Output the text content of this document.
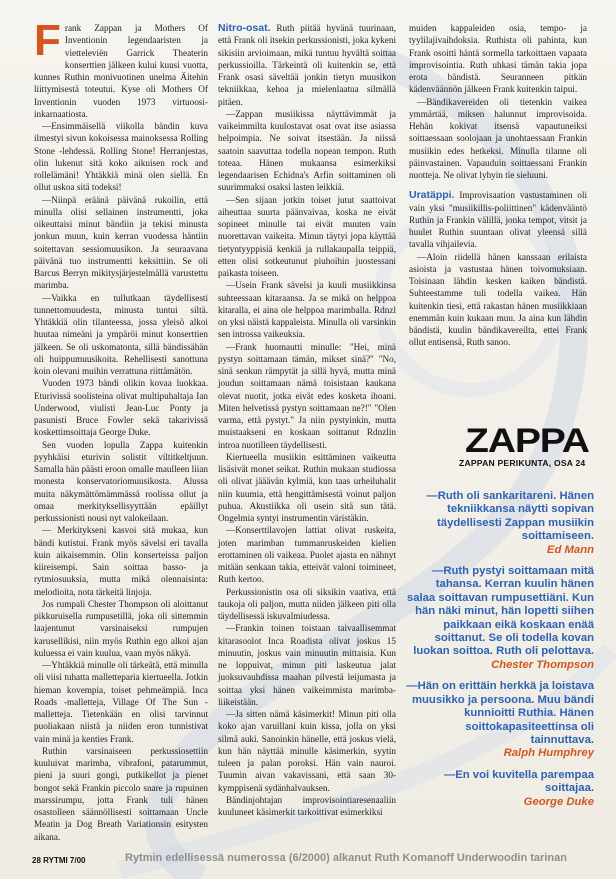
Frank Zappan ja Mothers Of Inventionin legendaaristen ja vietteleviën Garrick Theaterin konserttien jälkeen kului kuusi vuotta, kunnes Ruthin monivuotinen unelma Äitehin liittymisestä toteutui. Kyse oli Mothers Of Inventionin vuoden 1973 virtuoosi-inkarnaatiosta.

—Ensimmäisellä viikolla bändin kuva ilmestyi sivun kokoisessa mainoksessa Rolling Stone -lehdessä. Rolling Stone! Herranjestas, olin lukenut sitä koko aikuisen rock and rollelämäni! Yhtäkkiä minä olen siellä. En ollut uskoa sitä todeksi!

—Niinpä eräänä päivänä rukoilin, että minulla olisi sellainen instrumentti, joka oikeuttaisi minut bändiin ja tekisi minusta jonkun muun, kuin kerran vuodessa häntiin soitettavan sessiomuusikon. Ja seuraavana päivänä tuo instrumentti keksittiin. Se oli Barcus Berryn mikitysjärjestelmällä varustettu marimba.

—Vaikka en tullutkaan täydellisesti tunnettomuudesta, minusta tuntui siltä. Yhtäkkiä olin tilanteessa, jossa yleisö alkoi huutaa nimeäni ja ympäröi minut konserttien jälkeen. Se oli uskomatonta, sillä bändissähän oli huippumuusikoita. Rehellisesti sanottuna koin olevani muihin verrattuna riittämätön.

Vuoden 1973 bändi olikin kovaa luokkaa. Eturivissä soolisteina olivat multipuhaltaja Ian Underwood, viulisti Jean-Luc Ponty ja pasunisti Bruce Fowler sekä takarivissä koskettimsoittaja George Duke.

Sen vuoden lopulla Zappa kuitenkin pyyhkäisi eturivin solistit viltitkeltjuun. Samalla hän päästi eroon omalle maulleen liian monesta konservatoriomuusikosta. Alussa muita näkymättömämmässä roolissa ollut ja omaa merkityksellisyyttään epäillyt perkussionisti nousi nyt valokeilaan.

— Merkitykseni kasvoi sitä mukaa, kun bändi kutistui. Frank myös sävelsi eri tavalla kuin aikaisemmin. Olin konserteissa paljon kiireisempi. Sain soittaa basso- ja rytmiosuuksia, mutta mikä olennaisinta: melodioita, nota tärkeitä linjoja.

Jos rumpali Chester Thompson oli aloittanut pikkuruisella rumpusetillä, joka oli sittemmin laajentunut varsinaiseksi rumpujen karusellikisi, niin myös Ruthin ego alkoi ajan kuluessa ei vain kuulua, vaan myös näkyä.

—Yhtäkkiä minulle oli tärkeätä, että minulla oli viisi tuhatta malletteparia kiertueella. Jotkin hieman kovempia, toiset pehmeämpiä. Inca Roads -malletteja, Village Of The Sun -malletteja. Tietenkään en olisi tarvinnut puoliakaan niistä ja niiden eron tunnistivat vain minä ja kenties Frank.

Ruthin varsinaiseen perkussiosettiin kuuluivat marimba, vibrafoni, patarummut, pieni ja suuri gongi, putkikellot ja pienet bongot sekä Frankin piccolo snare ja rupuinen marssirumpu, jotta Frank tuli hänen osastolleen säännöllisesti soittamaan Uncle Meatin ja Dog Breath Variationsin esitysten aikana.

Nitro-osat. Ruth piitää hyvänä tuurinaan, että Frank oli itsekin perkussionisti, joka kykeni sikisiin arvioimaan, mikä tuntuu hyvältä soittaa perkussioilla. Tärkeintä oli kuitenkin se, että Frank osasi säveltää jonkin tietyn muusikon tekniikkaa, kehoa ja mielenlaatua silmällä pitäen.

—Zappan musiikissa näyttävimmät ja vaikeimmilta kuulostavat osat ovat itse asiassa helpoimpia. Ne soivat itsestään. Ja niissä saatoin saavuttaa todella nopean tempon. Ruth toteaa. Hänen mukaansa esimerkiksi legendaarisen Echidna's Arfin soittaminen oli suurimmaksi osaksi lasten leikkiä.

—Sen sijaan jotkin toiset jutut saattoivat aiheuttaa suurta päänvaivaa, koska ne eivät sopineet minulle tai eivät muuten vain nuorettavan vaikeita. Minun täytyi jopa käyttää tietyntyyppisiä kenkiä ja rullakaupalla teippiä, etten olisi sotkeutunut piuhoihin juostessani paikasta toiseen.

—Usein Frank sävelsi ja kuuli musiikkinsa suhteessaan kitaraansa. Ja se mikä on helppoa kitaralla, ei aina ole helppoa marimballa. Rdnzl on yksi näistä kappaleista. Minulla oli varsinkin sen introssa vaikeuksia.

—Frank huomautti minulle: "Hei, minä pystyn soittamaan tämän, mikset sinä?" "No, sinä senkun rämpytät ja sillä hyvä, mutta minä joudun soittamaan nämä toisistaan kaukana olevat nuotit, jotka eivät edes kosketa ihoani. Miten helvetissä pystyn soittamaan ne?!" "Olen varma, että pystyt." Ja niin pystyinkin, mutta muistaakseni en koskaan soittanut Rdnzlin introa nuotilleen täydellisesti.

Kiertueella musiikin esittäminen vaikeutta lisäsivät monet seikat. Ruthin mukaan studiossa oli olivat jääävän kylmiä, kun taas urheiluhalit niin kuumia, että hengittämisestä voinut paljon puhua. Akustiikka oli usein sitä sun tätä. Ongelmia syntyi instrumentin väristäkin.

—Konserttilavojen lattiat olivat ruskeita, joten marimban tummanruskeiden kielien erottaminen oli vaikeaa. Puolet ajasta en nähnyt mitään senkaan takia, etteivät valoni toimineet, Ruth kertoo.

Perkussionistin osa oli siksikin vaativa, että taukoja oli paljon, mutta niiden jälkeen piti olla täydellisessä iskuvalmiudessa.

—Frankin toinen toistaan taivaallisemmat kitarasoolot Inca Roadista olivat joskus 15 minuutin, joskus vain minuutin mittaisia. Kun ne loppuivat, minun piti laskeutua jalat juoksuvauhdissa maahan pilvestä leijumasta ja soittaa yksi hänen vaikeimmista marimba-liikeistään.

—Ja sitten nämä käsimerkit! Minun piti olla koko ajan varuillani kuin kissa, jolla on yksi silmä auki. Sanoinkin hänelle, että joskus vielä, kun hän näyttää minulle käsimerkin, syytin tuleen ja palan poroksi. Hän vain nauroi. Tuumin aivan vakavissani, että saan 30-kymppisenä sydänhalvauksen.

Bändinjohtajan improvisointiaresenaaliin kuuluneet käsimerkit tarkoittivat esimerkiksi

muiden kappaleiden osia, tempo- ja tyylilajivaihdoksia. Ruthista oli pahinta, kun Frank osoitti häntä sormella tarkoittaen vapaata improvisointia. Ruth uhkasi tämän takia jopa erota bändistä. Seuranneen pitkän kädenväännön jälkeen Frank kuitenkin taipui.

—Bändikavereiden oli tietenkin vaikea ymmärtää, miksen halunnut improvisoida. Hehän kokivat itsensä vapautuneiksi soittaessaan soolojaan ja unohtaessaan Frankin musiikin edes hetkeksi. Minulla tilanne oli päinvastainen. Vapauduin soittaessani Frankin nuotteja. Ne olivat lyhyin tie sieluuni.

Uratäppi. Improvisaation vastustaminen oli vain yksi "musiikillis-poliittinen" kädenvääntö Ruthin ja Frankin välillä, jonka tempot, vitsit ja huulet Ruthin suuntaan olivat yleensä sillä tavalla vihjailevia.

—Aloin riidellä hänen kanssaan erilaista asioista ja vastustaa hänen toivomuksiaan. Toisinaan lähdin kesken kaiken bändistä. Suhteestamme tuli todella vaikea. Hän kuitenkin tiesi, että rakastan hänen musiikkiaan enemmän kuin kukaan muu. Ja aina kun lähdin bändistä, kuulin bändikavereilta, ettei Frank ollut entisensä, Ruth sanoo.

ZAPPA
ZAPPAN PERIKUNTA, OSA 24
—Ruth oli sankaritareni. Hänen tekniikkansa näytti sopivan täydellisesti Zappan musiikin soittamiseen.
Ed Mann
—Ruth pystyi soittamaan mitä tahansa. Kerran kuulin hänen salaa soittavan rumpusettiäni. Kun hän näki minut, hän lopetti siihen paikkaan eikä koskaan enää soittanut. Se oli todella kovan luokan soittoa. Ruth oli pelottava.
Chester Thompson
—Hän on erittäin herkkä ja loistava muusikko ja persoona. Muu bändi kunnioitti Ruthia. Hänen soittokapasiteettinsa oli tainnuttava.
Ralph Humphrey
—En voi kuvitella parempaa soittajaa.
George Duke
28 RYTMI 7/00	Rytmin edellisessä numerossa (6/2000) alkanut Ruth Komanoff Underwoodin tarinan
